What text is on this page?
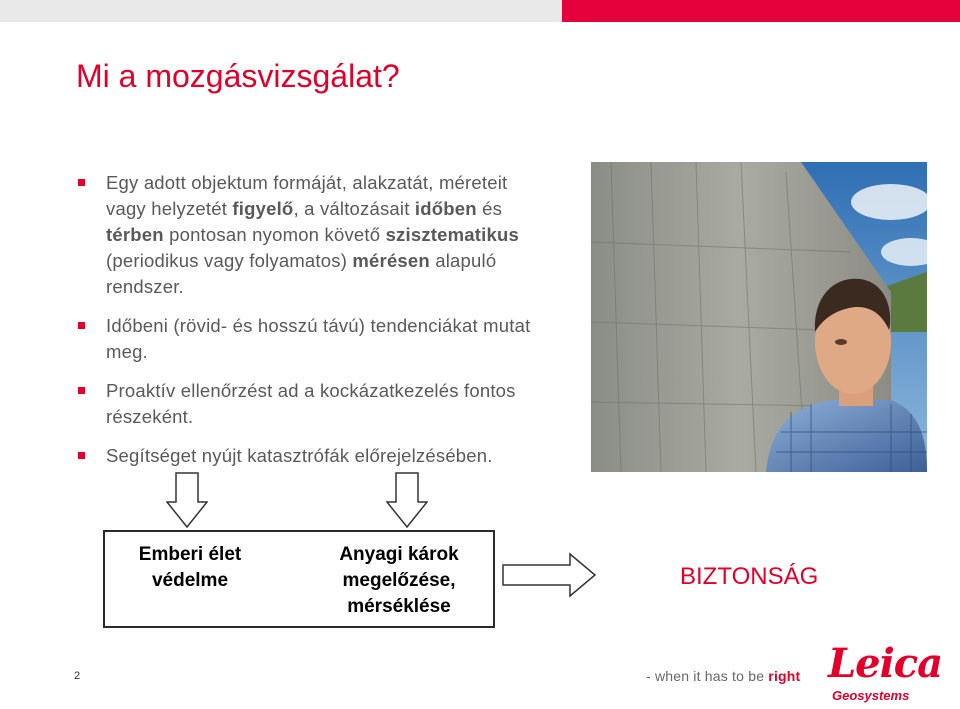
Mi a mozgásvizsgálat?
Egy adott objektum formáját, alakzatát, méreteit vagy helyzetét figyelő, a változásait időben és térben pontosan nyomon követő szisztematikus (periodikus vagy folyamatos) mérésen alapuló rendszer.
Időbeni (rövid- és hosszú távú) tendenciákat mutat meg.
Proaktív ellenőrzést ad a kockázatkezelés fontos részeként.
Segítséget nyújt katasztrófák előrejelzésében.
Emberi élet védelme
Anyagi károk megelőzése, mérséklése
BIZTONSÁG
2	- when it has to be right Leica
Geosystems
